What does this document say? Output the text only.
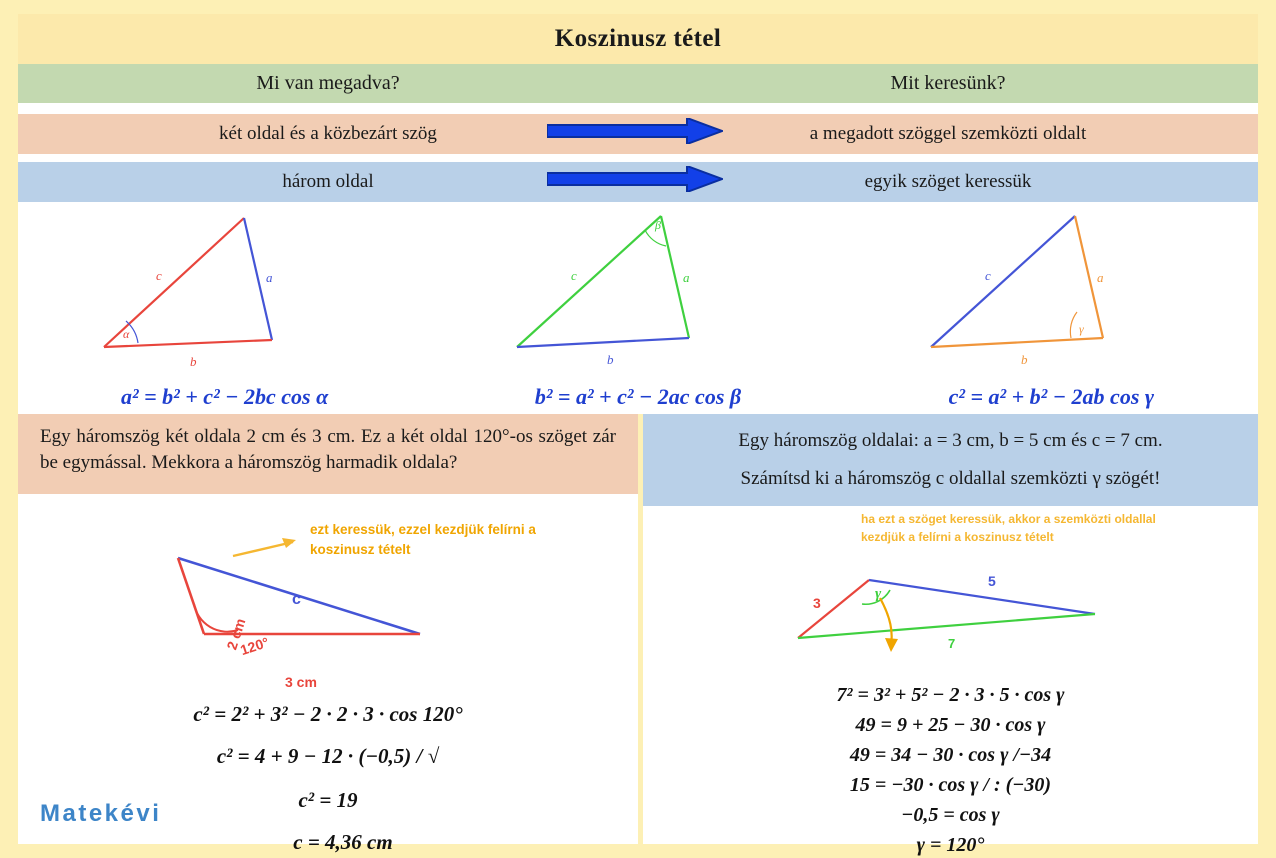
Koszinusz tétel
Mi van megadva?	Mit keresünk?
két oldal és a közbezárt szög	a megadott szöggel szemközti oldalt
három oldal	egyik szöget keressük
c	a
b
α
a² = b² + c² − 2bc cos α
c	a
b
β
b² = a² + c² − 2ac cos β
c	a
b
γ
c² = a² + b² − 2ab cos γ
Egy háromszög két oldala 2 cm és 3 cm. Ez a két oldal 120°-os szöget zár be egymással. Mekkora a háromszög harmadik oldala?
Egy háromszög oldalai: a = 3 cm, b = 5 cm és c = 7 cm.
Számítsd ki a háromszög c oldallal szemközti γ szögét!
ezt keressük, ezzel kezdjük felírni a koszinusz tételt
2 cm
c
3 cm
120°
c² = 2² + 3² − 2 · 2 · 3 · cos 120°
c² = 4 + 9 − 12 · (−0,5) / √
c² = 19
c = 4,36 cm
ha ezt a szöget keressük, akkor a szemközti oldallal kezdjük a felírni a koszinusz tételt
3
5
7
γ
7² = 3² + 5² − 2 · 3 · 5 · cos γ
49 = 9 + 25 − 30 · cos γ
49 = 34 − 30 · cos γ /−34
15 = −30 · cos γ / : (−30)
−0,5 = cos γ
γ = 120°
Matekévi
